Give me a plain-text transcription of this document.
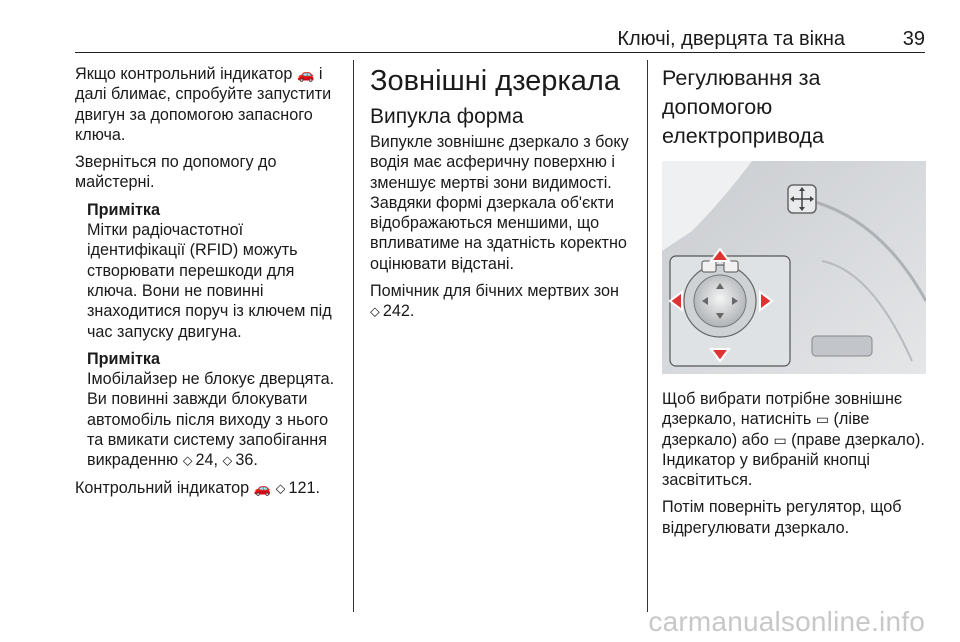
Ключі, дверцята та вікна	39

Якщо контрольний індикатор 🚗 і далі блимає, спробуйте запустити двигун за допомогою запасного ключа.

Зверніться по допомогу до майстерні.

Примітка

Мітки радіочастотної ідентифікації (RFID) можуть створювати перешкоди для ключа. Вони не повинні знаходитися поруч із ключем під час запуску двигуна.

Примітка

Імобілайзер не блокує дверцята. Ви повинні завжди блокувати автомобіль після виходу з нього та вмикати систему запобігання викраденню ⬦ 24, ⬦ 36.

Контрольний індикатор 🚗 ⬦ 121.

Зовнішні дзеркала
Випукла форма

Випукле зовнішнє дзеркало з боку водія має асферичну поверхню і зменшує мертві зони видимості. Завдяки формі дзеркала об'єкти відображаються меншими, що впливатиме на здатність коректно оцінювати відстані.

Помічник для бічних мертвих зон ⬦ 242.

Регулювання за допомогою електропривода

Щоб вибрати потрібне зовнішнє дзеркало, натисніть ▭ (ліве дзеркало) або ▭ (праве дзеркало). Індикатор у вибраній кнопці засвітиться.

Потім поверніть регулятор, щоб відрегулювати дзеркало.

carmanualsonline.info
